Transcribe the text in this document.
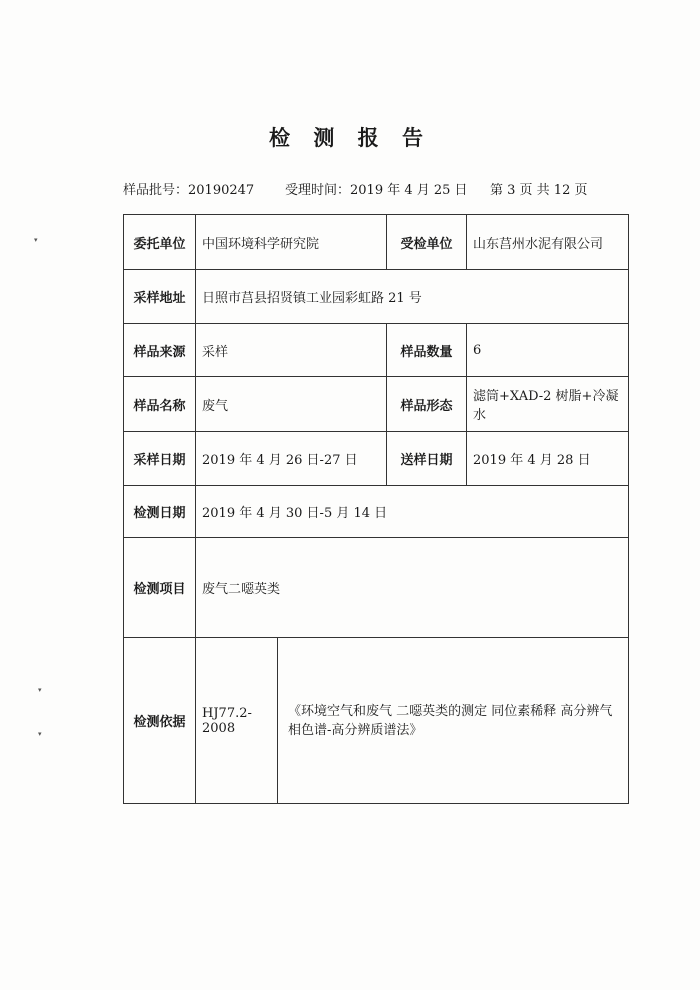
检 测 报 告
样品批号：20190247 受理时间：2019 年 4 月 25 日 第 3 页 共 12 页
委托单位	中国环境科学研究院		受检单位	山东莒州水泥有限公司
采样地址	日照市莒县招贤镇工业园彩虹路 21 号			
样品来源	采样		样品数量	6
样品名称	废气		样品形态	滤筒+XAD-2 树脂+冷凝水
采样日期	2019 年 4 月 26 日-27 日		送样日期	2019 年 4 月 28 日
检测日期	2019 年 4 月 30 日-5 月 14 日			
检测项目	废气二噁英类			
检测依据	HJ77.2-2008	《环境空气和废气 二噁英类的测定 同位素稀释 高分辨气相色谱-高分辨质谱法》		
▾
▾
▾
